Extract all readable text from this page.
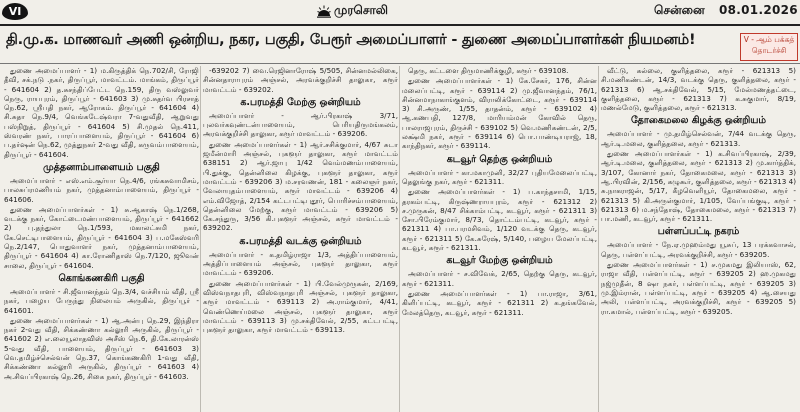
VI	முரசொலி	சென்னை 08.01.2026
தி.மு.க. மாணவர் அணி ஒன்றிய, நகர, பகுதி, பேரூர் அமைப்பாளர் - துணை அமைப்பாளர்கள் நியமனம்!	V - ஆம் பக்கத்
தொடர்ச்சி

துணை அமைப்பாளர் - 1) ம.கிருத்திக் நெ.702/சி, ரோஜி தீவி, சக்.நடு .நகர், திருப்பூர், மாவட்டம். மாங்கம், திருப்பூர் - 641604 2) த.சுசந்திப்பேட்ட நெ.159, திரு வஸ்லுவர் நெரு, ராயபுரம், திருப்பூர் - 641603 3) மு.சுதர்வ பிரசாத் நெ.62, ஸ்ரீபதி நகர், ஆரோகம். திருப்பூர் - 641604 4) சி.சுதா நெ.9/4, வெங்கடேஷ்வரா 7-வதுவீதி, ஆறுவது பஸ்நிறுத், திருப்பூர் - 641604 5) சி.முதல் நெ.411, ஸ்வரண் நகர், பாரப்பாளையம், திருப்பூர் - 641604 6) ப.தர்ஷன் நெ.62, முத்துநகர் 2-வது வீதி, கருவம்பாளையம், திருப்பூர் - 641604.

முத்தனாம்பாளையம் பகுதி

அமைப்பாளர் - எஸ்.எம்.சூர்யா நெ.4/6, ரங்கசுவாமிசம், பாலசுப்ரமணியம் நகர், முத்தனாம்பாளையம், திருப்பூர் - 641606.

துணை அமைப்பாளர்கள் - 1) சு.ஆகாஷ் நெ.1/268, வடக்கு நகர், கோட்டைமண்பாளையம், திருப்பூர் - 641662 2) பு.தந்துலா நெ.1/593, மகாலட்சுமி நகர், கே.செட்டிபாளையம், திருப்பூர் - 641604 3) ப.மகேஸ்வரி நெ.2/147, பொதுவாளர் நகர், முத்தனாம்பாளையம், திருப்பூர் - 641604 4) கா.ரோணிதாஸ் நெ.7/120, ஜூவன் சாலை, திருப்பூர் - 641604.

கொங்கணகிரி பகுதி

அமைப்பாளர் - சி.ஜீவானந்தம் நெ.3/4, வச்சியம் வீதி, ஸ்ரீ நகர், பழைய பேருந்து நிலையம் அருகில், திருப்பூர் - 641601.

துணை அமைப்பாளர்கள் - 1) ஆ.அன்பு நெ.29, இந்திரா நகர் 2-வது வீதி, சிக்கண்ணா கல்லூரி அருகில், திருப்பூர் - 641602 2) எ.லையூலாதவிஸ் அசீஸ் நெ.6, தி.கே.லாரன்ஸ் 5-வது வீதி, பாளையம், திருப்பூர் - 641603 3) வெ.தமிழ்ச்செல்வன் நெ.37, கொங்கணகிரி 1-வது வீதி, சிக்கண்ணா கல்லூரி அருகில், திருப்பூர் - 641603 4) அ.சிவப்பிரகாஷ் நெ.26, சிகை நகர், திருப்பூர் - 641603.

-639202 7) வை.ரெஜினாரோஷ் 5/505, சின்னமல்லிகை, சின்னதாராபுரம் அஞ்சல், அரவக்குறிச்சி தாலுகா, கரூர் மாவட்டம் - 639202.

க.பரமத்தி மேற்கு ஒன்றியம்

அமைப்பாளர் - ஆர்.பிரகாஷ் 3/71, புலவர்கவுண்டன்பாளையம், பெரியதிருமங்கலம், அரவக்குறிச்சி தாலுகா, கரூர் மாவட்டம் - 639206.

துணை அமைப்பாளர்கள் - 1) ஆர்.சசிக்குமார், 4/67 சுடா ஜமீன்மாரி அஞ்சல், புகளூர் தாலுகா, கரூர் மாவட்டம் 638151 2) ஆர்.ஜாபு 1/42 வெம்மணம்பாளையம், பி.துக்கு, தென்னிலை கிழக்கு, புகளூர் தாலுகா, கரூர் மாவட்டம் - 639206 3) ம.சரவணன், 181 - கலைஞர் நகர், வேலாயுதம்பாளையம், கரூர் மாவட்டம் - 639206 4) எம்.விஜோத், 2/154 கட்டபட்டிபுதூர், பொரிச்சம்பாளையம், தென்னிலை மேற்கு, கரூர் மாவட்டம் - 639206 5) கே.சந்துரு, 3/56 கி.புகளூர் அஞ்சல், கரூர் மாவட்டம் - 639202.

க.பரமத்தி வடக்கு ஒன்றியம்

அமைப்பாளர் - க.தமிழ்ராஜா 1/3, அத்திப்பாளையம், அத்திப்பாளையம் அஞ்சல், புகளூர் தாலுகா, கரூர் மாவட்டம் - 639206.

துணை அமைப்பாளர்கள் - 1) பி.வேல்முருகன், 2/169, விஸ்வநாதபுரி, விஸ்வநாதபுரி அஞ்சல், புகளூர் தாலுகா, கரூர் மாவட்டம் - 639113 2) அ.ராம்குமார், 4/41, வெண்ணெய்மலை அஞ்சல், புகளூர் தாலுகா, கரூர் மாவட்டம் - 639113 3) மு.சக்திவேல், 2/55, கட்டபட்டி, புகளூர் தாலுகா, கரூர் மாவட்டம் - 639113.

தெரு, கட்டளை திருமாணிக்குழி, கரூர் - 639108.

துணை அமைப்பாளர்கள் - 1) கே.சேகர், 176, சின்ன மலைப்பட்டி, கரூர் - 639114 2) மு.ஜீவானந்தம், 76/1, சின்னமாநாகாங்குளம், விராலிக்கோட்டை, கரூர் - 639114 3) சி.அருண், 1/55, தாதன்ம், கரூர் - 639102 4) ஆ.கணபதி, 127/8, மாரியம்மன் கோவில் தெரு, பாலராஜபுரம், திருச்சி - 639102 5) வெ.மணிகண்டன், 2/5, லக்ஷ்மி நகர், கரூர் - 639114 6) பொ.பாண்டியராஜ், 18, காந்திநகர், கரூர் - 639114.

கடவூர் தெற்கு ஒன்றியம்

அமைப்பாளர் - கா.மகாமுனி, 32/27 புதியமேலைப்பட்டி, தெலுங்கு நகர், கரூர் - 621311.

துணை அமைப்பாளர்கள் - 1) ப.காந்தசாமி, 1/15, தரகம்பட்டி, கிருஷ்ணராயபுரம், கரூர் - 621312 2) ச.முருகன், 8/47 சிக்காம்பட்டி, கடவூர், கரூர் - 621311 3) சோ.பிரேம்குமார், 8/73, தொட்டம்பட்டி, கடவூர், கரூர் - 621311 4) பா.பரமசிவம், 1/120 வடக்கு தெரு, கடவூர், கரூர் - 621311 5) கே.சுரேஷ், 5/140, பழைய மேலப்பட்டி, கடவூர், கரூர் - 621311.

கடவூர் மேற்கு ஒன்றியம்

அமைப்பாளர் - ச.விவேக், 2/65, தெற்கு தெரு, கடவூர், கரூர் - 621311.

துணை அமைப்பாளர்கள் - 1) பா.ராஜா, 3/61, கிளிப்பட்டி, கடவூர், கரூர் - 621311 2) க.தங்கவேல், மேலத்தெரு, கடவூர், கரூர் - 621311.

வீட்டு, கல்லை, குளித்தலை, கரூர் - 621313 5) சி.மணிகண்டன், 14/3, வடக்கு தெரு, குளித்தலை, கரூர் - 621313 6) ஆ.சக்திவேல், 5/15, மேல்மணத்தட்டை, குளித்தலை, கரூர் - 621313 7) க.சுகுமார், 8/19, மணல்மேடு, குளித்தலை, கரூர் - 621313.

தோகைமலை கிழக்கு ஒன்றியம்

அமைப்பாளர் - மு.தமிழ்செல்வன், 7/44 வடக்கு தெரு, ஆர்.டி.மலை, குளித்தலை, கரூர் - 621313.

துணை அமைப்பாளர்கள் - 1) க.சிவப்பிரகாஷ், 2/39, ஆர்.டி.மலை, குளித்தலை, கரூர் - 621313 2) மு.கார்த்திக், 3/107, கோனார் நகர், தோகைமலை, கரூர் - 621313 3) ஆ.பிரவின், 2/156, கழுகூர், குளித்தலை, கரூர் - 621313 4) சு.நாகராஜன், 5/17, கீழவெளியூர், தோகைமலை, கரூர் - 621313 5) கி.அருள்குமார், 1/105, வேப்பங்குடி, கரூர் - 621313 6) ம.சந்தோஷ், தோகைமலை, கரூர் - 621313 7) பா.மணி, கடவூர், கரூர் - 621311.

பள்ளப்பட்டி நகரம்

அமைப்பாளர் - நே.ஏ.முஹம்மது யூசுப், 13 பரக்கவாசல், தெரு, பள்ளப்பட்டி, அரவக்குறிச்சி, கரூர் - 639205.

துணை அமைப்பாளர்கள் - 1) ச.முகமது இலியாஸ், 62, ராஜா வீதி, பள்ளப்பட்டி, கரூர் - 639205 2) ஹ.முகமது நஜ்முதீன், 8 ஷா நகர், பள்ளப்பட்டி, கரூர் - 639205 3) மு.இம்ரான், பள்ளப்பட்டி, கரூர் - 639205 4) ஆ.சையது அலி, பள்ளப்பட்டி, அரவக்குறிச்சி, கரூர் - 639205 5) ரா.கமால், பள்ளப்பட்டி, கரூர் - 639205.
